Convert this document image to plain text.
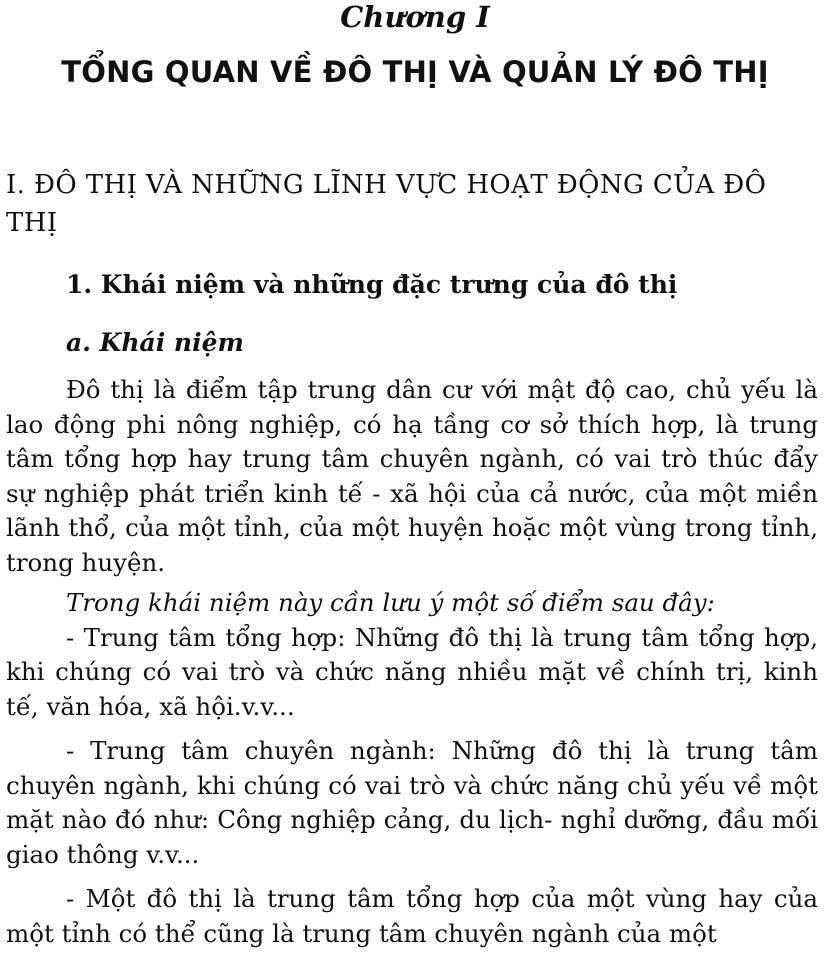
Chương I
TỔNG QUAN VỀ ĐÔ THỊ VÀ QUẢN LÝ ĐÔ THỊ
I. ĐÔ THỊ VÀ NHỮNG LĨNH VỰC HOẠT ĐỘNG CỦA ĐÔ THỊ
1. Khái niệm và những đặc trưng của đô thị
a. Khái niệm

Đô thị là điểm tập trung dân cư với mật độ cao, chủ yếu là lao động phi nông nghiệp, có hạ tầng cơ sở thích hợp, là trung tâm tổng hợp hay trung tâm chuyên ngành, có vai trò thúc đẩy sự nghiệp phát triển kinh tế - xã hội của cả nước, của một miền lãnh thổ, của một tỉnh, của một huyện hoặc một vùng trong tỉnh, trong huyện.

Trong khái niệm này cần lưu ý một số điểm sau đây:

- Trung tâm tổng hợp: Những đô thị là trung tâm tổng hợp, khi chúng có vai trò và chức năng nhiều mặt về chính trị, kinh tế, văn hóa, xã hội.v.v...

- Trung tâm chuyên ngành: Những đô thị là trung tâm chuyên ngành, khi chúng có vai trò và chức năng chủ yếu về một mặt nào đó như: Công nghiệp cảng, du lịch- nghỉ dưỡng, đầu mối giao thông v.v...

- Một đô thị là trung tâm tổng hợp của một vùng hay của một tỉnh có thể cũng là trung tâm chuyên ngành của một
